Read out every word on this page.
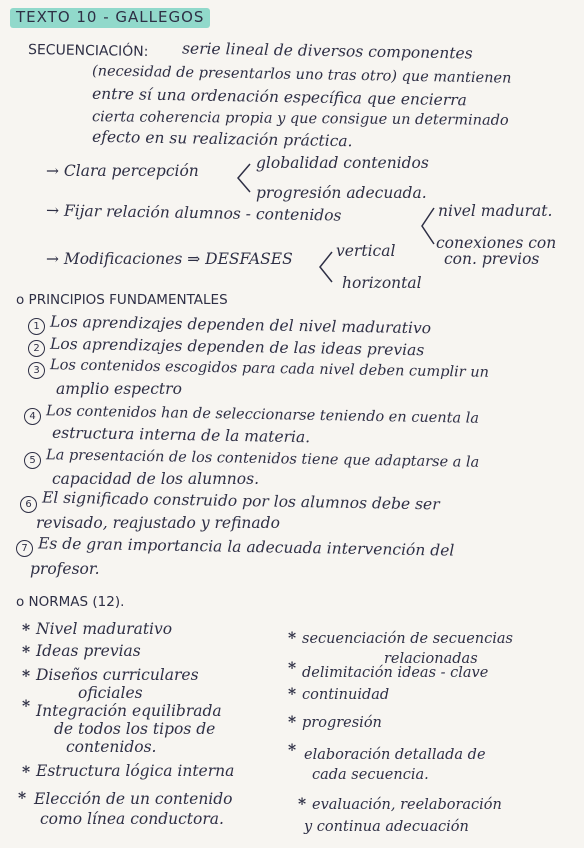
TEXTO 10 - GALLEGOS
SECUENCIACIÓN: serie lineal de diversos componentes
(necesidad de presentarlos uno tras otro) que mantienen
entre sí una ordenación específica que encierra
cierta coherencia propia y que consigue un determinado
efecto en su realización práctica.
→ Clara percepción	globalidad contenidos
progresión adecuada.
→ Fijar relación alumnos - contenidos	nivel madurat.
conexiones con
con. previos
→ Modificaciones ⇒ DESFASES	vertical
horizontal
o PRINCIPIOS FUNDAMENTALES
1 Los aprendizajes dependen del nivel madurativo
2 Los aprendizajes dependen de las ideas previas
3 Los contenidos escogidos para cada nivel deben cumplir un
amplio espectro
4 Los contenidos han de seleccionarse teniendo en cuenta la
estructura interna de la materia.
5 La presentación de los contenidos tiene que adaptarse a la
capacidad de los alumnos.
6 El significado construido por los alumnos debe ser
revisado, reajustado y refinado
7 Es de gran importancia la adecuada intervención del
profesor.
o NORMAS (12).
* Nivel madurativo
* Ideas previas
* Diseños curriculares
oficiales
* Integración equilibrada
de todos los tipos de
contenidos.
* Estructura lógica interna
* Elección de un contenido
como línea conductora.
* secuenciación de secuencias
relacionadas
* delimitación ideas - clave
* continuidad
* progresión
* elaboración detallada de
cada secuencia.
* evaluación, reelaboración
y continua adecuación
